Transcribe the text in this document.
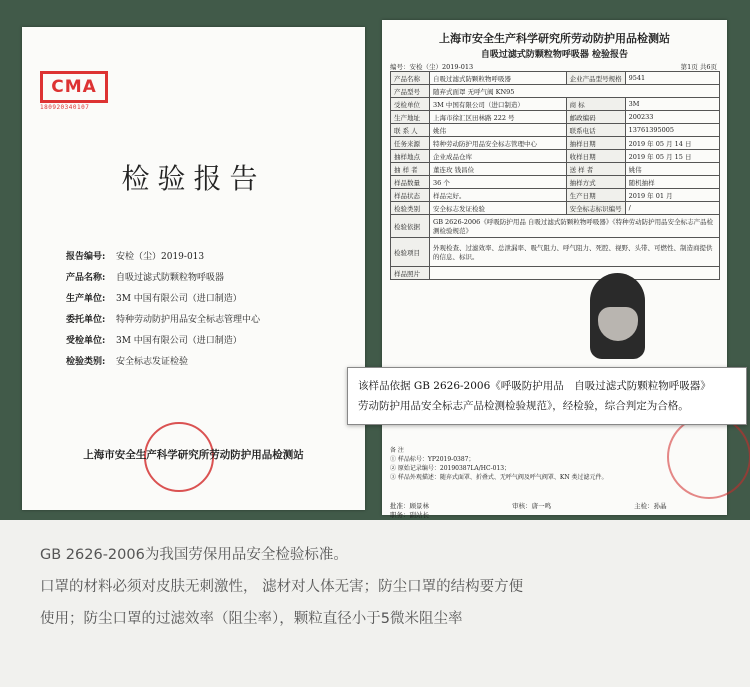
CMA
180920340107
检验报告
报告编号: 安检（尘）2019-013
产品名称: 自吸过滤式防颗粒物呼吸器
生产单位: 3M 中国有限公司（进口制造）
委托单位: 特种劳动防护用品安全标志管理中心
受检单位: 3M 中国有限公司（进口制造）
检验类别: 安全标志发证检验
上海市安全生产科学研究所劳动防护用品检测站
上海市安全生产科学研究所劳动防护用品检测站
自吸过滤式防颗粒物呼吸器 检验报告
编号：安检（尘）2019-013	第1页 共6页
产品名称	自吸过滤式防颗粒物呼吸器	企业产品型号规格	9541
产品型号	随弃式面罩 无呼气阀 KN95		
受检单位	3M 中国有限公司（进口制造）	商 标	3M
生产地址	上海市徐汇区田林路 222 号	邮政编码	200233
联 系 人	姚伟	联系电话	13761395005
任务来源	特种劳动防护用品安全标志管理中心	抽样日期	2019 年 05 月 14 日
抽样地点	企业成品仓库	收样日期	2019 年 05 月 15 日
抽 样 者	董连玫 钱昌俭	送 样 者	姚伟
样品数量	36 个	抽样方式	随机抽样
样品状态	样品完好。	生产日期	2019 年 01 月
检验类别	安全标志发证检验	安全标志标识编号	/
检验依据	GB 2626-2006《呼吸防护用品 自吸过滤式防颗粒物呼吸器》《特种劳动防护用品安全标志产品检测检验规范》		
检验项目	外观检查、过滤效率、总泄漏率、吸气阻力、呼气阻力、死腔、视野、头带、可燃性、制造商提供的信息、标识。		
样品照片			
备 注
① 样品标号：YP2019-0387；
② 原始记录编号：20190387LA/HC-013；
③ 样品外观描述：随弃式面罩、折叠式、无呼气阀及呼气阀罩、KN 类过滤元件。
批准：顾景林
职务：副站长
审核：唐一鸣	主检：孙晶
该样品依据 GB 2626-2006《呼吸防护用品　自吸过滤式防颗粒物呼吸器》
劳动防护用品安全标志产品检测检验规范》，经检验，综合判定为合格。
GB 2626-2006为我国劳保用品安全检验标准。
口罩的材料必须对皮肤无刺激性， 滤材对人体无害；防尘口罩的结构要方便
使用；防尘口罩的过滤效率（阻尘率），颗粒直径小于5微米阻尘率
